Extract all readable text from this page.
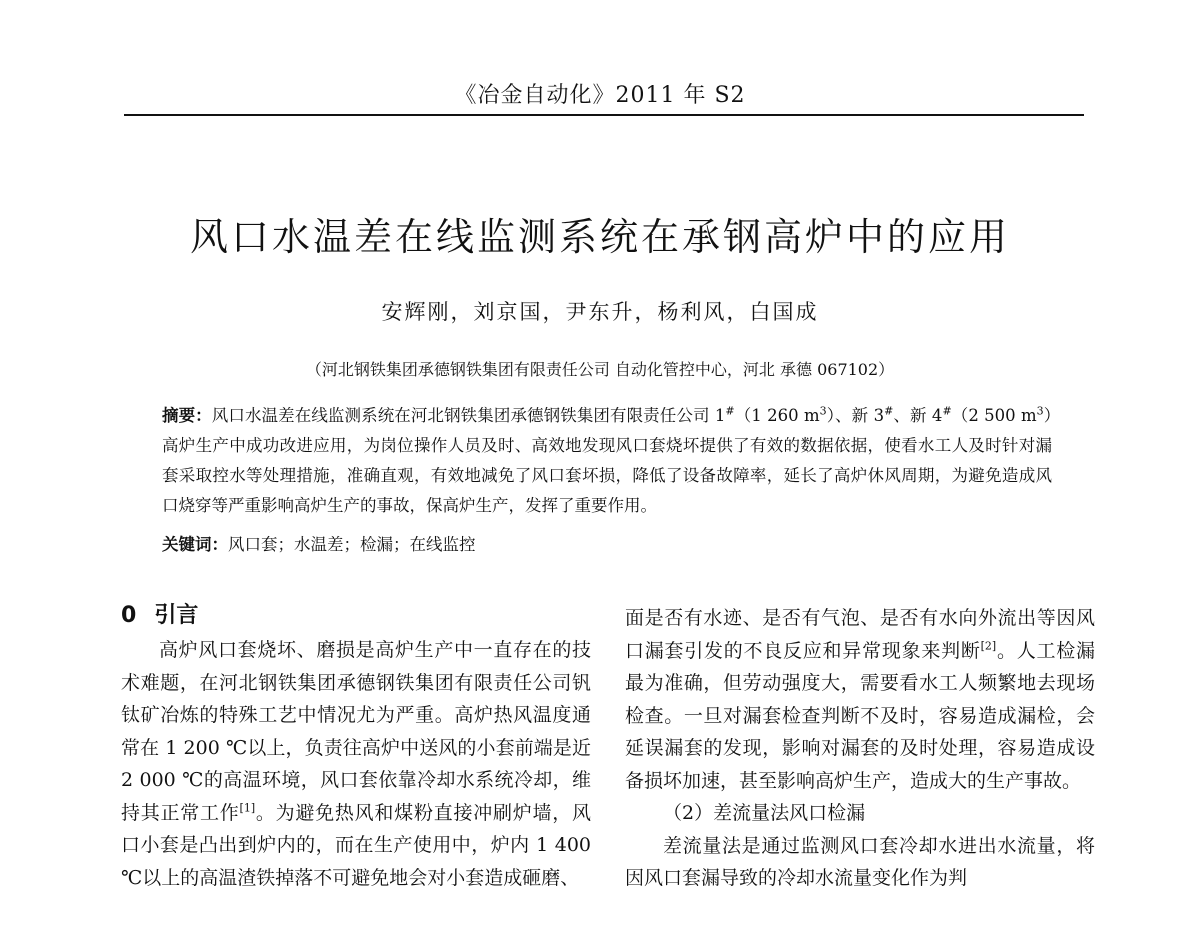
《冶金自动化》2011 年 S2
风口水温差在线监测系统在承钢高炉中的应用
安辉刚，刘京国，尹东升，杨利风，白国成
（河北钢铁集团承德钢铁集团有限责任公司 自动化管控中心，河北 承德 067102）
摘要：风口水温差在线监测系统在河北钢铁集团承德钢铁集团有限责任公司 1#（1 260 $m^3$）、新 3#、新 4#（2 500 $m^3$）高炉生产中成功改进应用，为岗位操作人员及时、高效地发现风口套烧坏提供了有效的数据依据，使看水工人及时针对漏套采取控水等处理措施，准确直观，有效地减免了风口套坏损，降低了设备故障率，延长了高炉休风周期，为避免造成风口烧穿等严重影响高炉生产的事故，保高炉生产，发挥了重要作用。
关键词：风口套；水温差；检漏；在线监控
0 引言

高炉风口套烧坏、磨损是高炉生产中一直存在的技术难题，在河北钢铁集团承德钢铁集团有限责任公司钒钛矿冶炼的特殊工艺中情况尤为严重。高炉热风温度通常在 1 200 ℃以上，负责往高炉中送风的小套前端是近 2 000 ℃的高温环境，风口套依靠冷却水系统冷却，维持其正常工作[1]。为避免热风和煤粉直接冲刷炉墙，风口小套是凸出到炉内的，而在生产使用中，炉内 1 400 ℃以上的高温渣铁掉落不可避免地会对小套造成砸磨、

面是否有水迹、是否有气泡、是否有水向外流出等因风口漏套引发的不良反应和异常现象来判断[2]。人工检漏最为准确，但劳动强度大，需要看水工人频繁地去现场检查。一旦对漏套检查判断不及时，容易造成漏检，会延误漏套的发现，影响对漏套的及时处理，容易造成设备损坏加速，甚至影响高炉生产，造成大的生产事故。

（2）差流量法风口检漏

差流量法是通过监测风口套冷却水进出水流量，将因风口套漏导致的冷却水流量变化作为判
